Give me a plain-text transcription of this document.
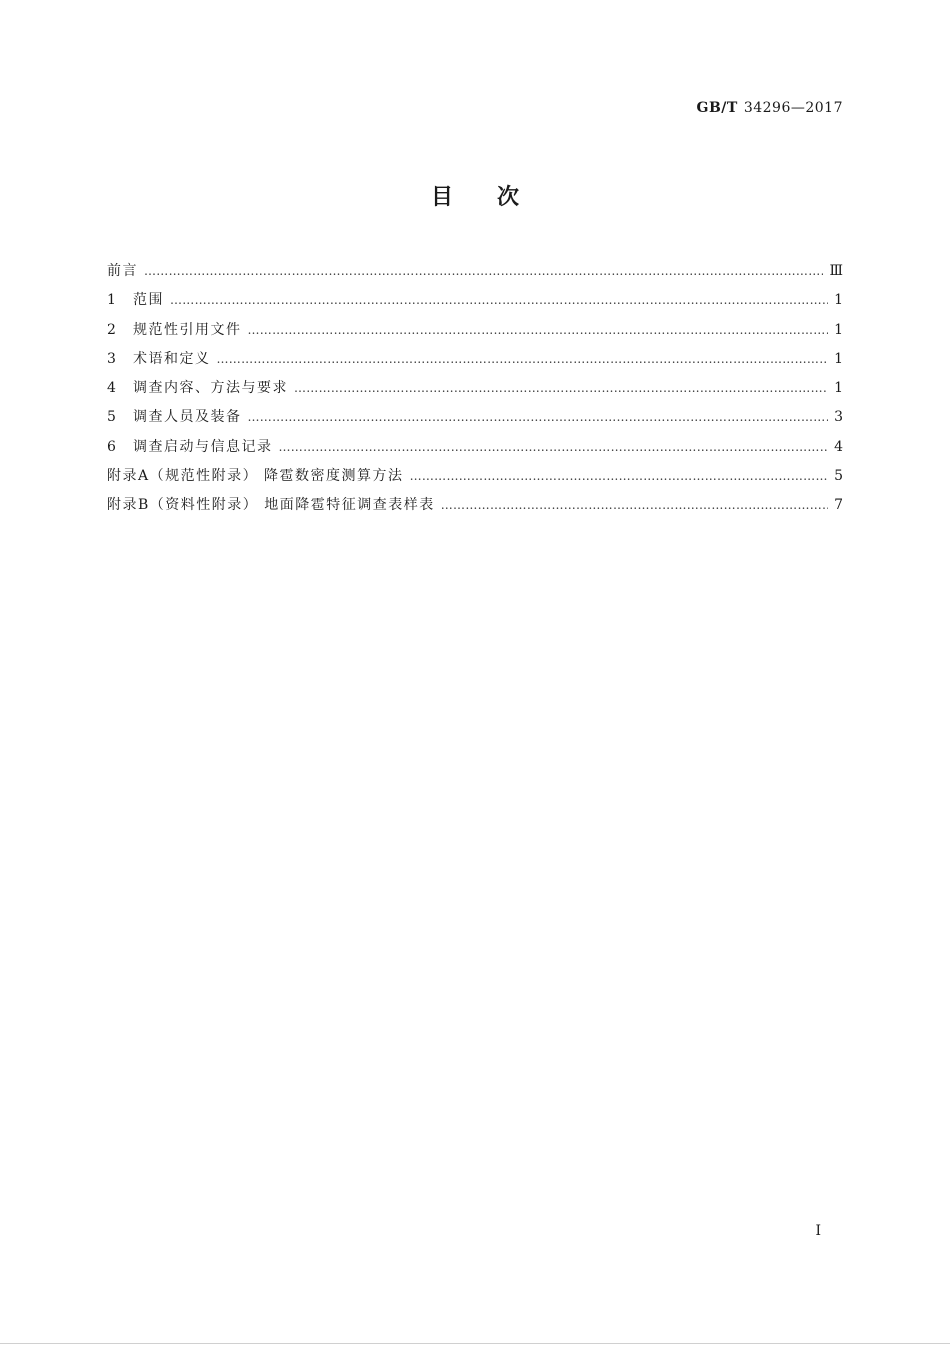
GB/T 34296—2017
目次
前言 ………………………………………………………………………………………………………………………………………………………………………………	Ⅲ
1	范围 ………………………………………………………………………………………………………………………………………………………………………………	1
2	规范性引用文件 ………………………………………………………………………………………………………………………………………………………………………………	1
3	术语和定义 ………………………………………………………………………………………………………………………………………………………………………………	1
4	调查内容、方法与要求 ………………………………………………………………………………………………………………………………………………………………………………	1
5	调查人员及装备 ………………………………………………………………………………………………………………………………………………………………………………	3
6	调查启动与信息记录 ………………………………………………………………………………………………………………………………………………………………………………	4
附录A（规范性附录） 降雹数密度测算方法 ………………………………………………………………………………………………………………………………………………………………………………	5
附录B（资料性附录） 地面降雹特征调查表样表 ………………………………………………………………………………………………………………………………………………………………………………	7
I
